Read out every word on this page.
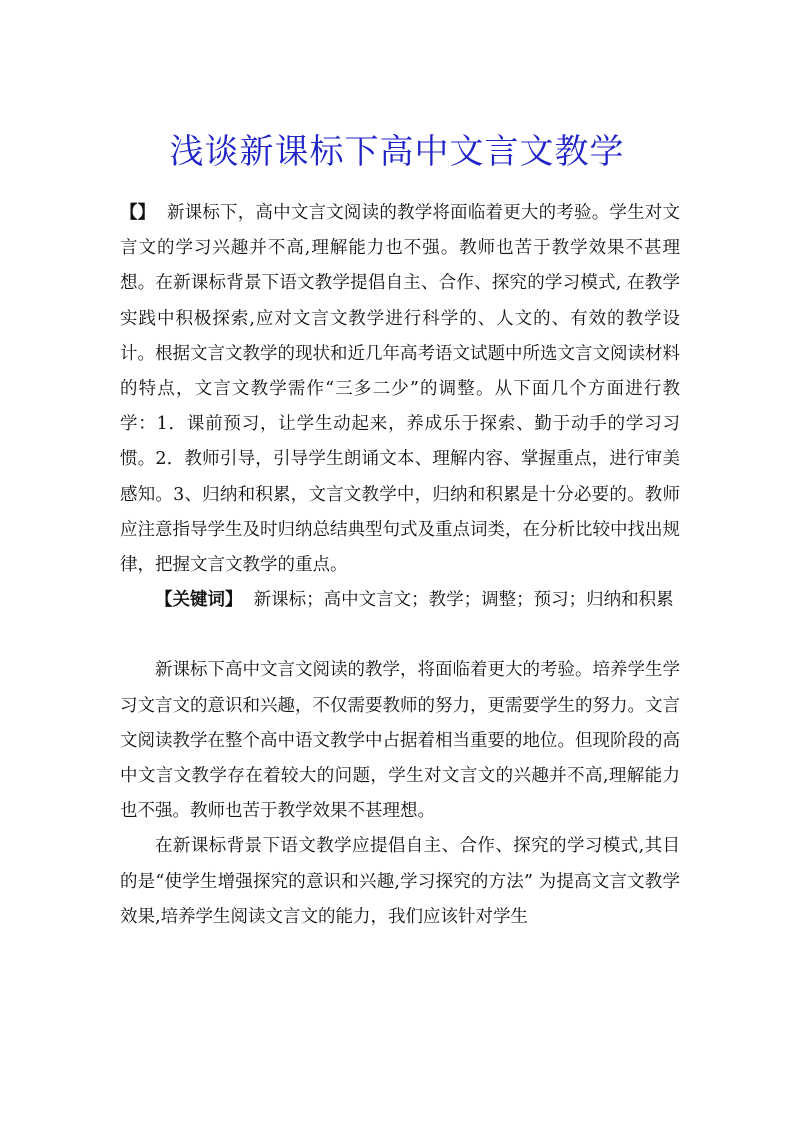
浅谈新课标下高中文言文教学

【】 新课标下，高中文言文阅读的教学将面临着更大的考验。学生对文言文的学习兴趣并不高,理解能力也不强。教师也苦于教学效果不甚理想。在新课标背景下语文教学提倡自主、合作、探究的学习模式, 在教学实践中积极探索,应对文言文教学进行科学的、人文的、有效的教学设计。根据文言文教学的现状和近几年高考语文试题中所选文言文阅读材料的特点，文言文教学需作“三多二少”的调整。从下面几个方面进行教学：1．课前预习，让学生动起来，养成乐于探索、勤于动手的学习习惯。2．教师引导，引导学生朗诵文本、理解内容、掌握重点，进行审美感知。3、归纳和积累，文言文教学中，归纳和积累是十分必要的。教师应注意指导学生及时归纳总结典型句式及重点词类，在分析比较中找出规律，把握文言文教学的重点。

【关键词】 新课标；高中文言文；教学；调整；预习；归纳和积累

新课标下高中文言文阅读的教学，将面临着更大的考验。培养学生学习文言文的意识和兴趣，不仅需要教师的努力，更需要学生的努力。文言文阅读教学在整个高中语文教学中占据着相当重要的地位。但现阶段的高中文言文教学存在着较大的问题，学生对文言文的兴趣并不高,理解能力也不强。教师也苦于教学效果不甚理想。

在新课标背景下语文教学应提倡自主、合作、探究的学习模式,其目的是“使学生增强探究的意识和兴趣,学习探究的方法” 为提高文言文教学效果,培养学生阅读文言文的能力，我们应该针对学生
